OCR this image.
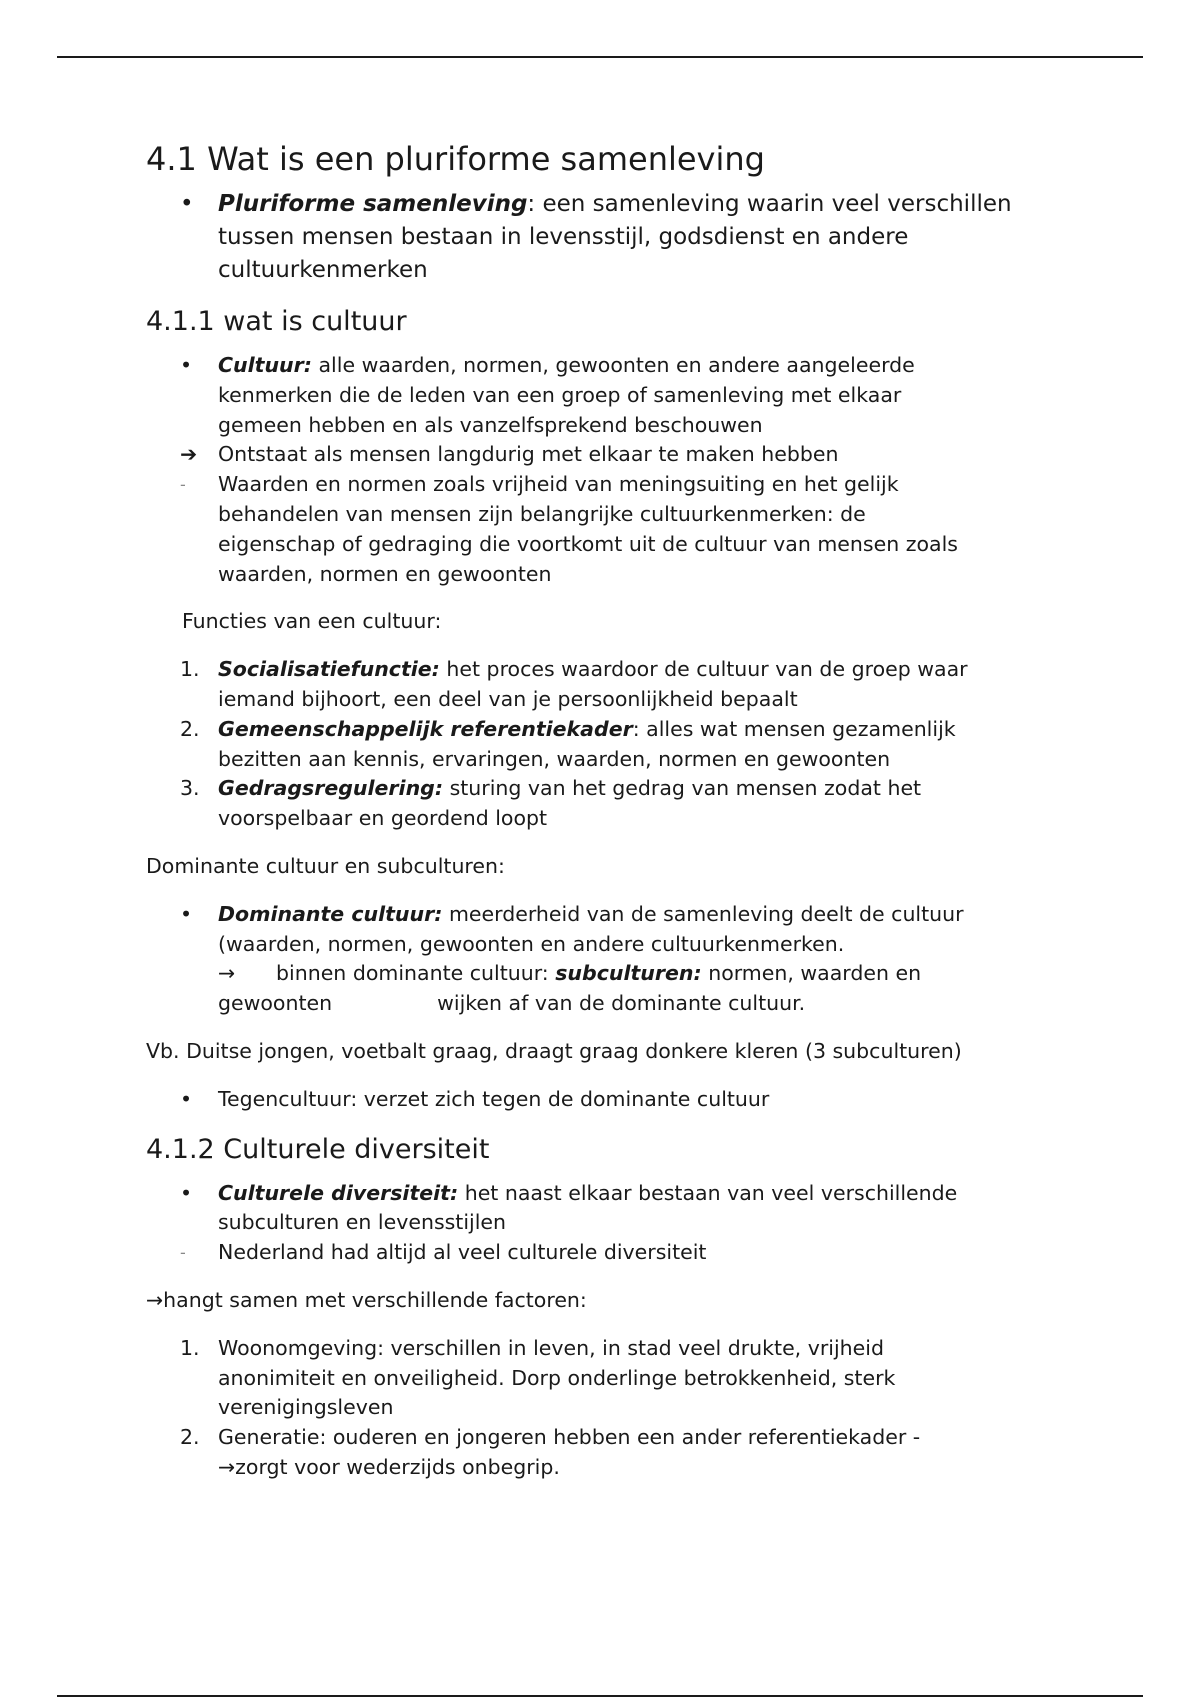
4.1 Wat is een pluriforme samenleving
• Pluriforme samenleving: een samenleving waarin veel verschillen
tussen mensen bestaan in levensstijl, godsdienst en andere
cultuurkenmerken
4.1.1 wat is cultuur
• Cultuur: alle waarden, normen, gewoonten en andere aangeleerde
kenmerken die de leden van een groep of samenleving met elkaar
gemeen hebben en als vanzelfsprekend beschouwen
➔ Ontstaat als mensen langdurig met elkaar te maken hebben
- Waarden en normen zoals vrijheid van meningsuiting en het gelijk
behandelen van mensen zijn belangrijke cultuurkenmerken: de
eigenschap of gedraging die voortkomt uit de cultuur van mensen zoals
waarden, normen en gewoonten
Functies van een cultuur:
1. Socialisatiefunctie: het proces waardoor de cultuur van de groep waar
iemand bijhoort, een deel van je persoonlijkheid bepaalt
2. Gemeenschappelijk referentiekader: alles wat mensen gezamenlijk
bezitten aan kennis, ervaringen, waarden, normen en gewoonten
3. Gedragsregulering: sturing van het gedrag van mensen zodat het
voorspelbaar en geordend loopt
Dominante cultuur en subculturen:
• Dominante cultuur: meerderheid van de samenleving deelt de cultuur
(waarden, normen, gewoonten en andere cultuurkenmerken.

→ binnen dominante cultuur: subculturen: normen, waarden en
gewoonten	wijken af van de dominante cultuur.
Vb. Duitse jongen, voetbalt graag, draagt graag donkere kleren (3 subculturen)
• Tegencultuur: verzet zich tegen de dominante cultuur
4.1.2 Culturele diversiteit
• Culturele diversiteit: het naast elkaar bestaan van veel verschillende
subculturen en levensstijlen
- Nederland had altijd al veel culturele diversiteit
→hangt samen met verschillende factoren:
1. Woonomgeving: verschillen in leven, in stad veel drukte, vrijheid
anonimiteit en onveiligheid. Dorp onderlinge betrokkenheid, sterk
verenigingsleven
2. Generatie: ouderen en jongeren hebben een ander referentiekader -
→zorgt voor wederzijds onbegrip.
